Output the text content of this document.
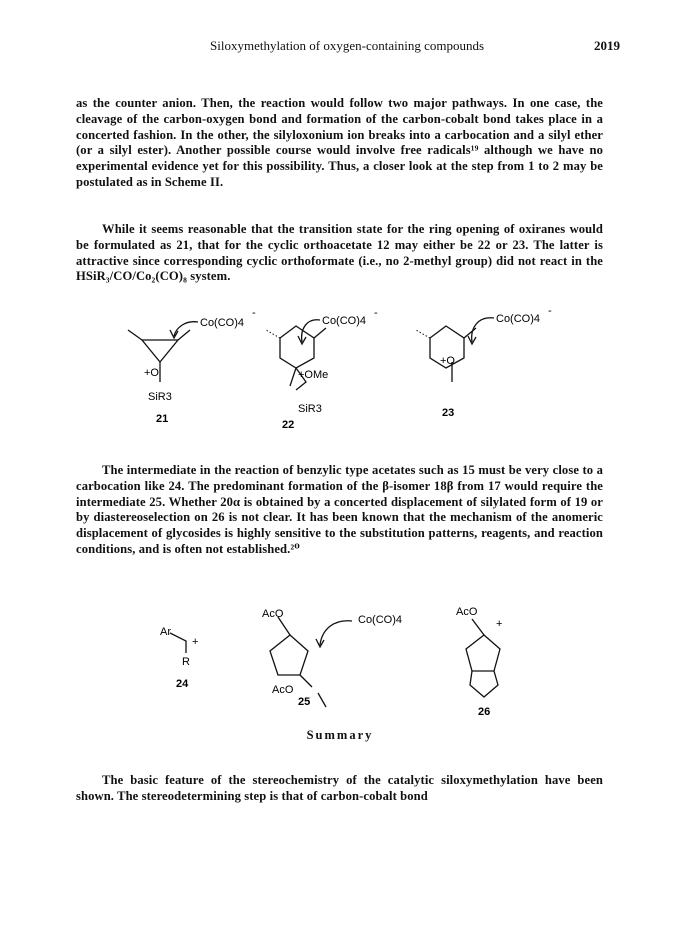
Siloxymethylation of oxygen-containing compounds	2019
as the counter anion. Then, the reaction would follow two major pathways. In one case, the cleavage of the carbon-oxygen bond and formation of the carbon-cobalt bond takes place in a concerted fashion. In the other, the silyloxonium ion breaks into a carbocation and a silyl ether (or a silyl ester). Another possible course would involve free radicals¹⁹ although we have no experimental evidence yet for this possibility. Thus, a closer look at the step from 1 to 2 may be postulated as in Scheme II.
While it seems reasonable that the transition state for the ring opening of oxiranes would be formulated as 21, that for the cyclic orthoacetate 12 may either be 22 or 23. The latter is attractive since corresponding cyclic orthoformate (i.e., no 2-methyl group) did not react in the HSiR₃/CO/Co₂(CO)₈ system.
Co(CO)4
-
+O
SiR3
21
Co(CO)4
-
+OMe
SiR3
22
Co(CO)4
-
+O
23
The intermediate in the reaction of benzylic type acetates such as 15 must be very close to a carbocation like 24. The predominant formation of the β-isomer 18β from 17 would require the intermediate 25. Whether 20α is obtained by a concerted displacement of silylated form of 19 or by diastereoselection on 26 is not clear. It has been known that the mechanism of the anomeric displacement of glycosides is highly sensitive to the substitution patterns, reagents, and reaction conditions, and is often not established.²⁰
Ar
+
R
24
AcO	Co(CO)4
AcO
25
AcO
+
26
Summary
The basic feature of the stereochemistry of the catalytic siloxymethylation have been shown. The stereodetermining step is that of carbon-cobalt bond
